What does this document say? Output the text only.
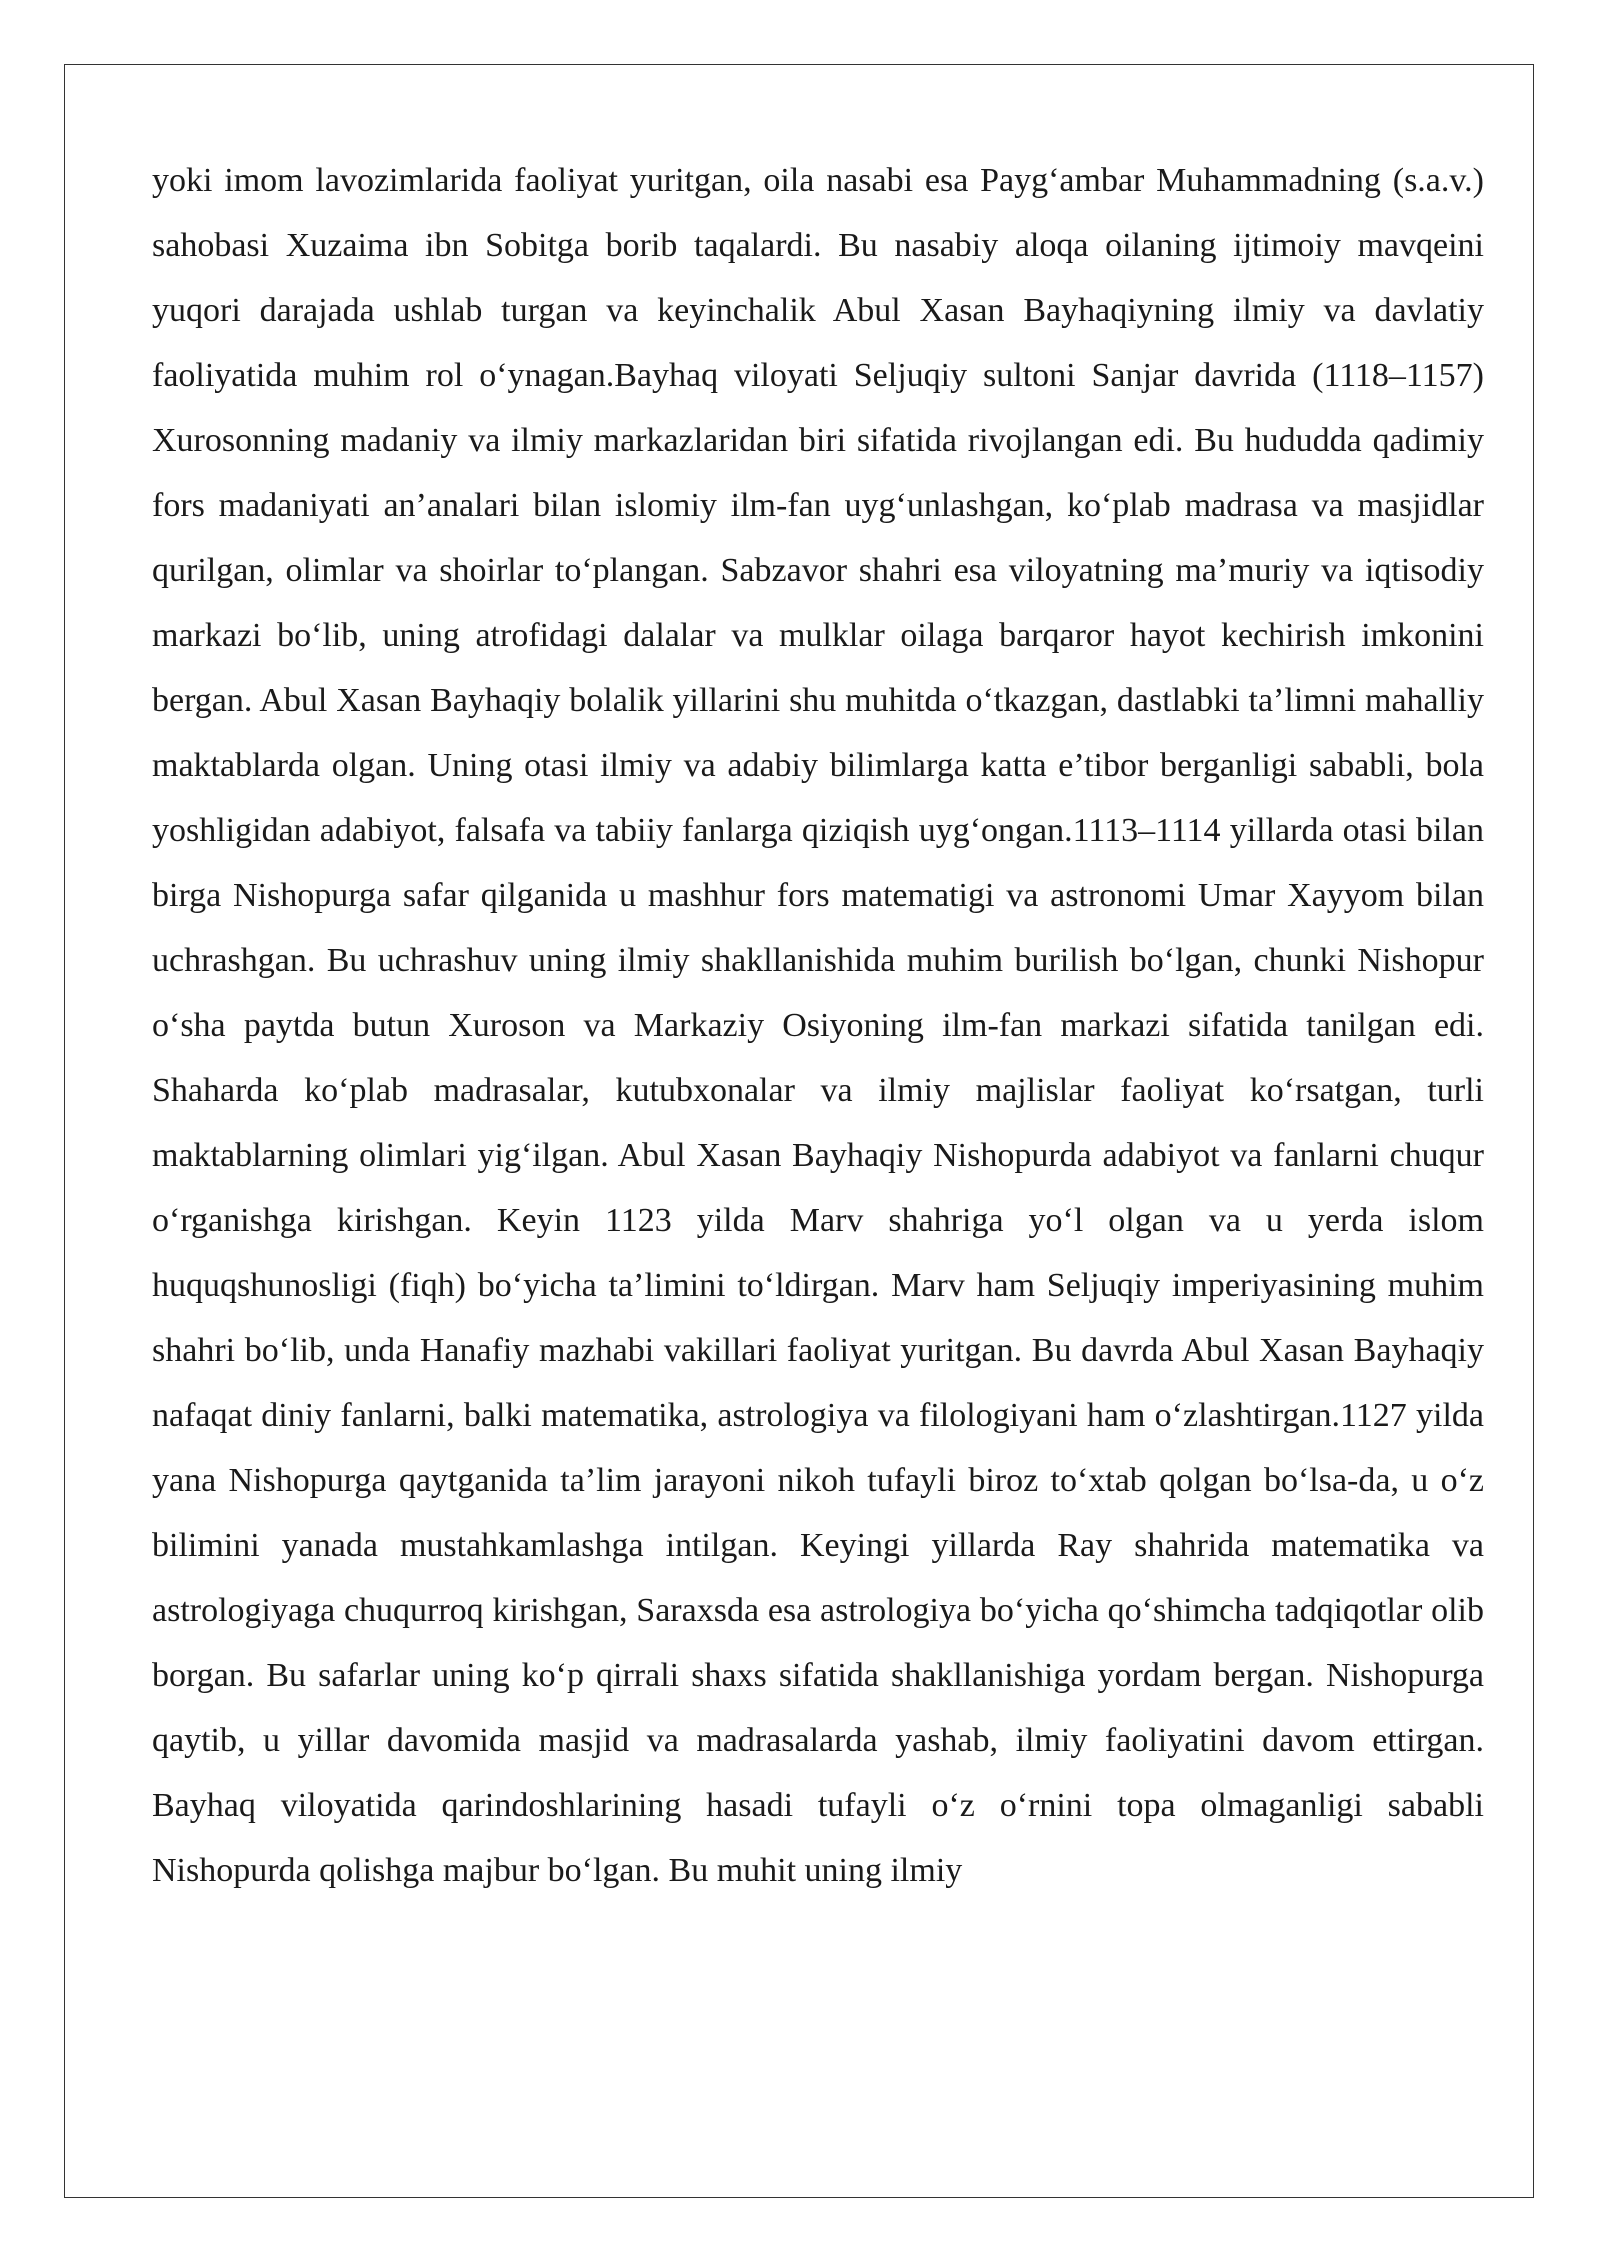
yoki imom lavozimlarida faoliyat yuritgan, oila nasabi esa Payg‘ambar Muhammadning (s.a.v.) sahobasi Xuzaima ibn Sobitga borib taqalardi. Bu nasabiy aloqa oilaning ijtimoiy mavqeini yuqori darajada ushlab turgan va keyinchalik Abul Xasan Bayhaqiyning ilmiy va davlatiy faoliyatida muhim rol o‘ynagan.Bayhaq viloyati Seljuqiy sultoni Sanjar davrida (1118–1157) Xurosonning madaniy va ilmiy markazlaridan biri sifatida rivojlangan edi. Bu hududda qadimiy fors madaniyati an’analari bilan islomiy ilm-fan uyg‘unlashgan, ko‘plab madrasa va masjidlar qurilgan, olimlar va shoirlar to‘plangan. Sabzavor shahri esa viloyatning ma’muriy va iqtisodiy markazi bo‘lib, uning atrofidagi dalalar va mulklar oilaga barqaror hayot kechirish imkonini bergan. Abul Xasan Bayhaqiy bolalik yillarini shu muhitda o‘tkazgan, dastlabki ta’limni mahalliy maktablarda olgan. Uning otasi ilmiy va adabiy bilimlarga katta e’tibor berganligi sababli, bola yoshligidan adabiyot, falsafa va tabiiy fanlarga qiziqish uyg‘ongan.1113–1114 yillarda otasi bilan birga Nishopurga safar qilganida u mashhur fors matematigi va astronomi Umar Xayyom bilan uchrashgan. Bu uchrashuv uning ilmiy shakllanishida muhim burilish bo‘lgan, chunki Nishopur o‘sha paytda butun Xuroson va Markaziy Osiyoning ilm-fan markazi sifatida tanilgan edi. Shaharda ko‘plab madrasalar, kutubxonalar va ilmiy majlislar faoliyat ko‘rsatgan, turli maktablarning olimlari yig‘ilgan. Abul Xasan Bayhaqiy Nishopurda adabiyot va fanlarni chuqur o‘rganishga kirishgan. Keyin 1123 yilda Marv shahriga yo‘l olgan va u yerda islom huquqshunosligi (fiqh) bo‘yicha ta’limini to‘ldirgan. Marv ham Seljuqiy imperiyasining muhim shahri bo‘lib, unda Hanafiy mazhabi vakillari faoliyat yuritgan. Bu davrda Abul Xasan Bayhaqiy nafaqat diniy fanlarni, balki matematika, astrologiya va filologiyani ham o‘zlashtirgan.1127 yilda yana Nishopurga qaytganida ta’lim jarayoni nikoh tufayli biroz to‘xtab qolgan bo‘lsa-da, u o‘z bilimini yanada mustahkamlashga intilgan. Keyingi yillarda Ray shahrida matematika va astrologiyaga chuqurroq kirishgan, Saraxsda esa astrologiya bo‘yicha qo‘shimcha tadqiqotlar olib borgan. Bu safarlar uning ko‘p qirrali shaxs sifatida shakllanishiga yordam bergan. Nishopurga qaytib, u yillar davomida masjid va madrasalarda yashab, ilmiy faoliyatini davom ettirgan. Bayhaq viloyatida qarindoshlarining hasadi tufayli o‘z o‘rnini topa olmaganligi sababli Nishopurda qolishga majbur bo‘lgan. Bu muhit uning ilmiy
